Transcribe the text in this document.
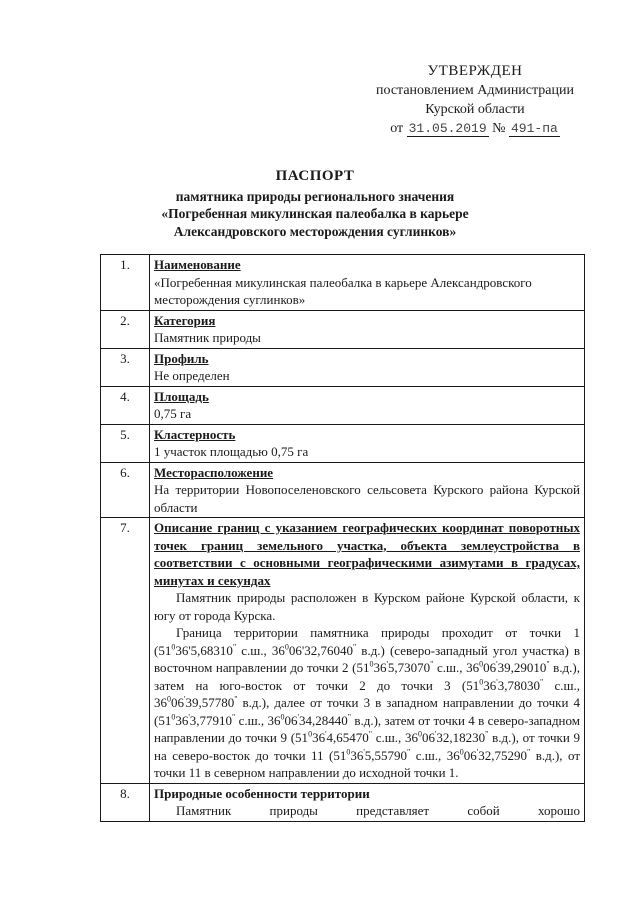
УТВЕРЖДЕН
постановлением Администрации
Курской области
от 31.05.2019 № 491-па
ПАСПОРТ
памятника природы регионального значения
«Погребенная микулинская палеобалка в карьере
Александровского месторождения суглинков»
1.	Наименование
«Погребенная микулинская палеобалка в карьере Александровского месторождения суглинков»

2.	Категория
Памятник природы

3.	Профиль
Не определен

4.	Площадь
0,75 га

5.	Кластерность
1 участок площадью 0,75 га

6.	Месторасположение
На территории Новопоселеновского сельсовета Курского района Курской области

7.	Описание границ с указанием географических координат поворотных точек границ земельного участка, объекта землеустройства в соответствии с основными географическими азимутами в градусах, минутах и секундах
Памятник природы расположен в Курском районе Курской области, к югу от города Курска.
Граница территории памятника природы проходит от точки 1 ($51^036'5,68310^"$ с.ш., $36^006'32,76040^"$ в.д.) (северо-западный угол участка) в восточном направлении до точки 2 ($51^036'5,73070^"$ с.ш., $36^006'39,29010^"$ в.д.), затем на юго-восток от точки 2 до точки 3 ($51^036'3,78030^"$ с.ш., $36^006'39,57780^"$ в.д.), далее от точки 3 в западном направлении до точки 4 ($51^036'3,77910^"$ с.ш., $36^006'34,28440^"$ в.д.), затем от точки 4 в северо-западном направлении до точки 9 ($51^036'4,65470^"$ с.ш., $36^006'32,18230^"$ в.д.), от точки 9 на северо-восток до точки 11 ($51^036'5,55790^"$ с.ш., $36^006'32,75290^"$ в.д.), от точки 11 в северном направлении до исходной точки 1.

8.	Природные особенности территории
Памятник природы представляет собой хорошо
